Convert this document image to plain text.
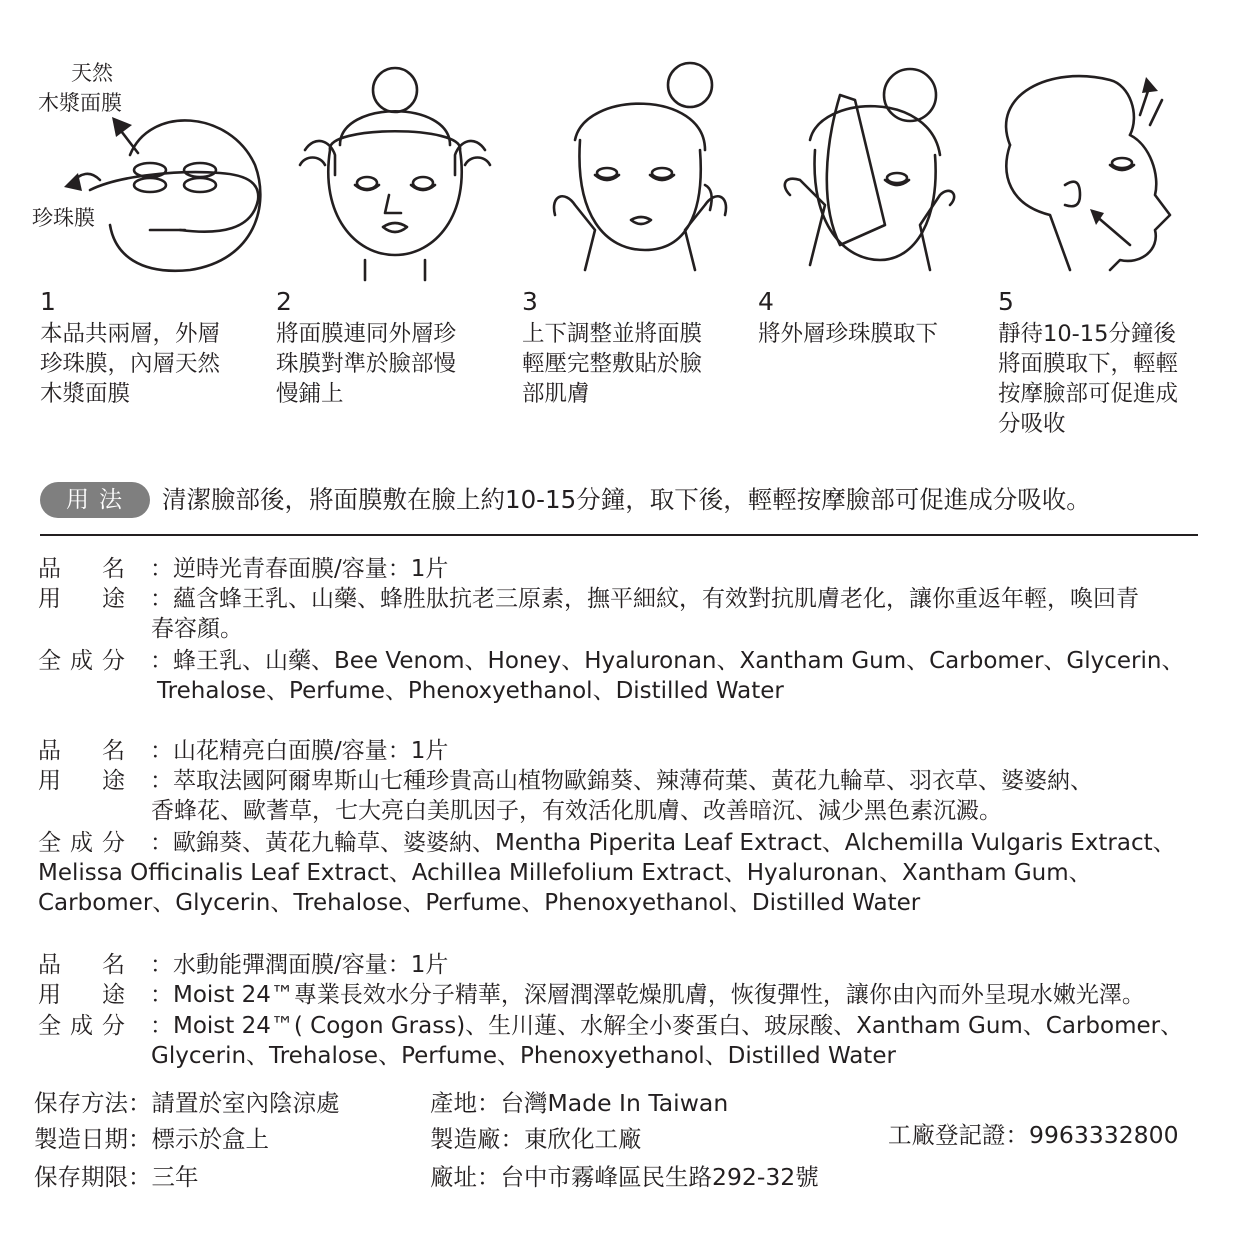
天然
木漿面膜
珍珠膜
1
本品共兩層，外層
珍珠膜，內層天然
木漿面膜
2
將面膜連同外層珍
珠膜對準於臉部慢
慢鋪上
3
上下調整並將面膜
輕壓完整敷貼於臉
部肌膚
4
將外層珍珠膜取下
5
靜待10-15分鐘後
將面膜取下，輕輕
按摩臉部可促進成
分吸收
用法	清潔臉部後，將面膜敷在臉上約10-15分鐘，取下後，輕輕按摩臉部可促進成分吸收。
品 名 ：逆時光青春面膜/容量：1片
用 途 ：蘊含蜂王乳、山藥、蜂胜肽抗老三原素，撫平細紋，有效對抗肌膚老化，讓你重返年輕，喚回青
春容顏。
全 成 分 ：蜂王乳、山藥、Bee Venom、Honey、Hyaluronan、Xantham Gum、Carbomer、Glycerin、
Trehalose、Perfume、Phenoxyethanol、Distilled Water
品 名 ：山花精亮白面膜/容量：1片
用 途 ：萃取法國阿爾卑斯山七種珍貴高山植物歐錦葵、辣薄荷葉、黃花九輪草、羽衣草、婆婆納、
香蜂花、歐蓍草，七大亮白美肌因子，有效活化肌膚、改善暗沉、減少黑色素沉澱。
全 成 分 ：歐錦葵、黃花九輪草、婆婆納、Mentha Piperita Leaf Extract、Alchemilla Vulgaris Extract、
Melissa Officinalis Leaf Extract、Achillea Millefolium Extract、Hyaluronan、Xantham Gum、
Carbomer、Glycerin、Trehalose、Perfume、Phenoxyethanol、Distilled Water
品 名 ：水動能彈潤面膜/容量：1片
用 途 ：Moist 24™專業長效水分子精華，深層潤澤乾燥肌膚，恢復彈性，讓你由內而外呈現水嫩光澤。
全 成 分 ：Moist 24™( Cogon Grass)、生川蓮、水解全小麥蛋白、玻尿酸、Xantham Gum、Carbomer、
Glycerin、Trehalose、Perfume、Phenoxyethanol、Distilled Water
保存方法：請置於室內陰涼處
製造日期：標示於盒上
保存期限：三年
產地：台灣Made In Taiwan
製造廠：東欣化工廠
廠址：台中市霧峰區民生路292-32號
工廠登記證：9963332800
